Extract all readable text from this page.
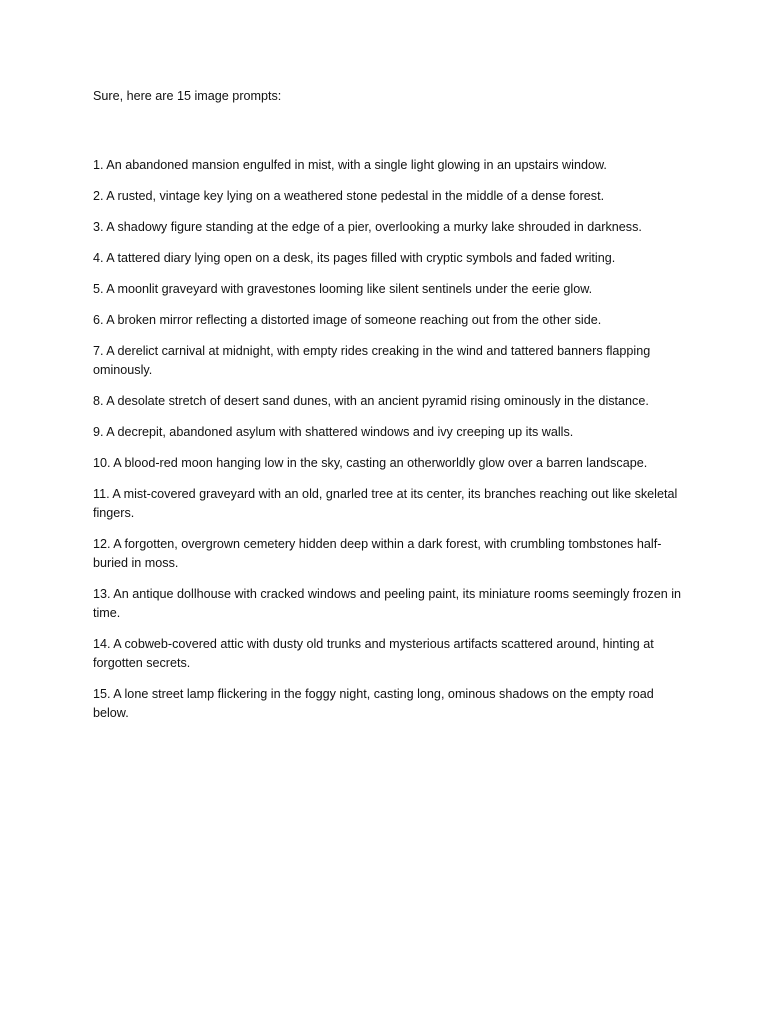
Sure, here are 15 image prompts:

1. An abandoned mansion engulfed in mist, with a single light glowing in an upstairs window.
2. A rusted, vintage key lying on a weathered stone pedestal in the middle of a dense forest.
3. A shadowy figure standing at the edge of a pier, overlooking a murky lake shrouded in darkness.
4. A tattered diary lying open on a desk, its pages filled with cryptic symbols and faded writing.
5. A moonlit graveyard with gravestones looming like silent sentinels under the eerie glow.
6. A broken mirror reflecting a distorted image of someone reaching out from the other side.
7. A derelict carnival at midnight, with empty rides creaking in the wind and tattered banners flapping ominously.
8. A desolate stretch of desert sand dunes, with an ancient pyramid rising ominously in the distance.
9. A decrepit, abandoned asylum with shattered windows and ivy creeping up its walls.
10. A blood-red moon hanging low in the sky, casting an otherworldly glow over a barren landscape.
11. A mist-covered graveyard with an old, gnarled tree at its center, its branches reaching out like skeletal fingers.
12. A forgotten, overgrown cemetery hidden deep within a dark forest, with crumbling tombstones half-buried in moss.
13. An antique dollhouse with cracked windows and peeling paint, its miniature rooms seemingly frozen in time.
14. A cobweb-covered attic with dusty old trunks and mysterious artifacts scattered around, hinting at forgotten secrets.
15. A lone street lamp flickering in the foggy night, casting long, ominous shadows on the empty road below.
